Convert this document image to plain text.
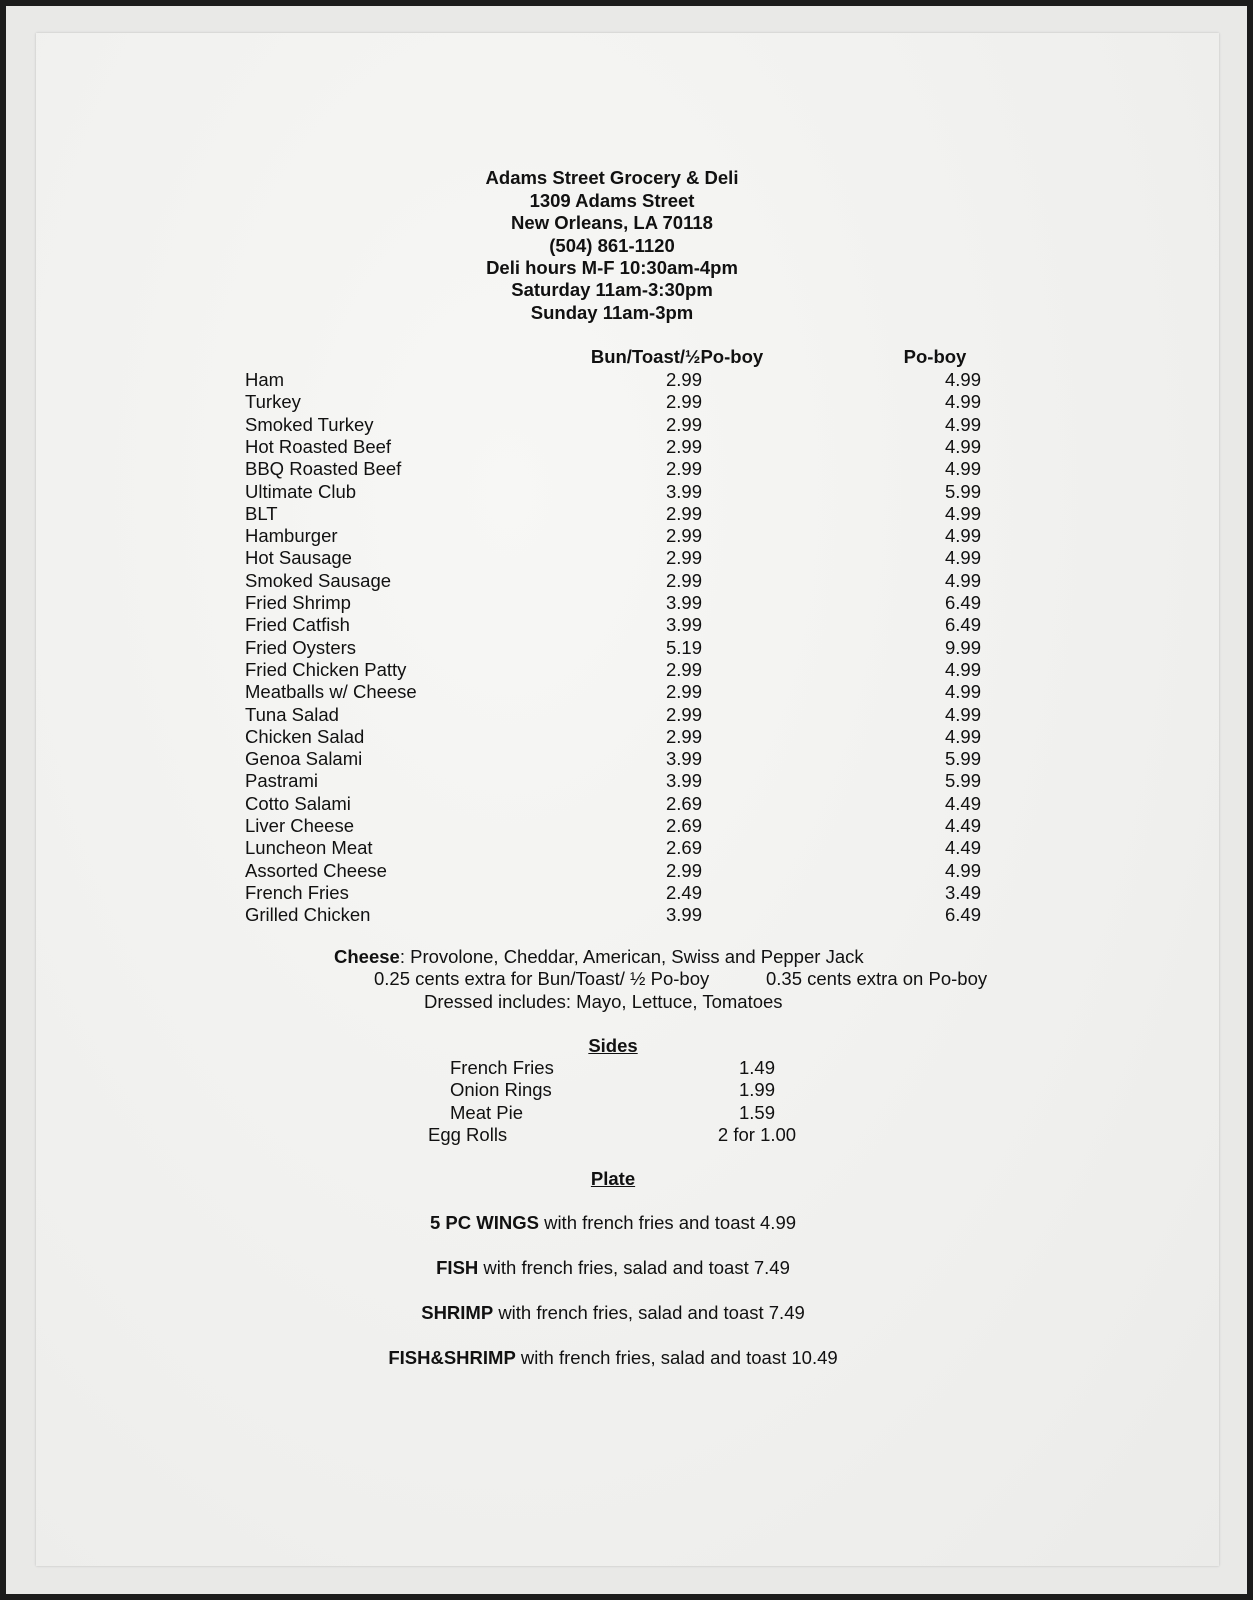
Adams Street Grocery & Deli
1309 Adams Street
New Orleans, LA 70118
(504) 861-1120
Deli hours M-F 10:30am-4pm
Saturday 11am-3:30pm
Sunday 11am-3pm
Bun/Toast/½Po-boy	Po-boy
Ham	2.99	4.99
Turkey	2.99	4.99
Smoked Turkey	2.99	4.99
Hot Roasted Beef	2.99	4.99
BBQ Roasted Beef	2.99	4.99
Ultimate Club	3.99	5.99
BLT	2.99	4.99
Hamburger	2.99	4.99
Hot Sausage	2.99	4.99
Smoked Sausage	2.99	4.99
Fried Shrimp	3.99	6.49
Fried Catfish	3.99	6.49
Fried Oysters	5.19	9.99
Fried Chicken Patty	2.99	4.99
Meatballs w/ Cheese	2.99	4.99
Tuna Salad	2.99	4.99
Chicken Salad	2.99	4.99
Genoa Salami	3.99	5.99
Pastrami	3.99	5.99
Cotto Salami	2.69	4.49
Liver Cheese	2.69	4.49
Luncheon Meat	2.69	4.49
Assorted Cheese	2.99	4.99
French Fries	2.49	3.49
Grilled Chicken	3.99	6.49
Cheese: Provolone, Cheddar, American, Swiss and Pepper Jack
0.25 cents extra for Bun/Toast/ ½ Po-boy	0.35 cents extra on Po-boy
Dressed includes: Mayo, Lettuce, Tomatoes
Sides
French Fries	1.49
Onion Rings	1.99
Meat Pie	1.59
Egg Rolls	2 for 1.00
Plate
5 PC WINGS with french fries and toast 4.99
FISH with french fries, salad and toast 7.49
SHRIMP with french fries, salad and toast 7.49
FISH&SHRIMP with french fries, salad and toast 10.49
